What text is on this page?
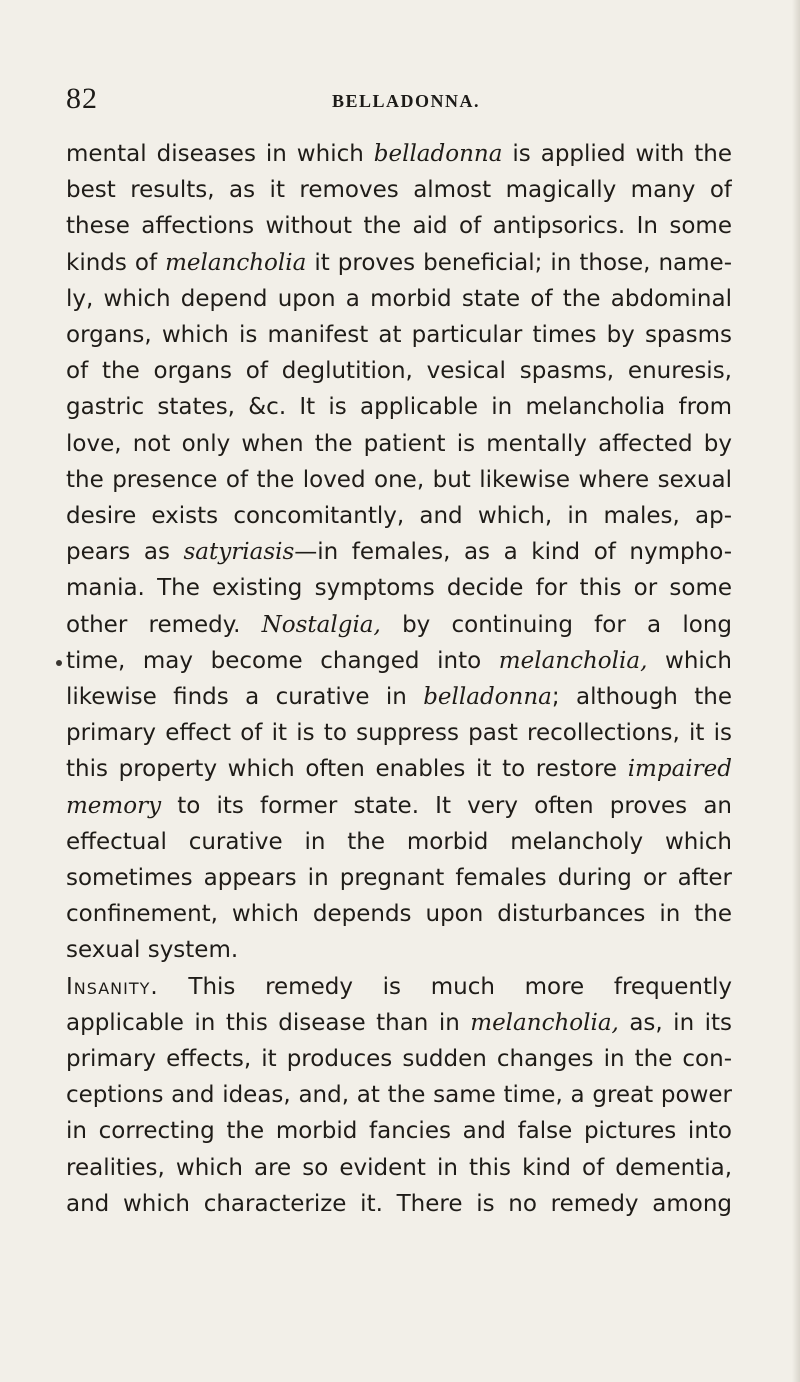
82	BELLADONNA.
mental diseases in which belladonna is applied with the
best results, as it removes almost magically many of
these affections without the aid of antipsorics. In some
kinds of melancholia it proves beneficial; in those, name-
ly, which depend upon a morbid state of the abdominal
organs, which is manifest at particular times by spasms
of the organs of deglutition, vesical spasms, enuresis,
gastric states, &c. It is applicable in melancholia from
love, not only when the patient is mentally affected by
the presence of the loved one, but likewise where sexual
desire exists concomitantly, and which, in males, ap-
pears as satyriasis—in females, as a kind of nympho-
mania. The existing symptoms decide for this or some
other remedy. Nostalgia, by continuing for a long
time, may become changed into melancholia, which
likewise finds a curative in belladonna; although the
primary effect of it is to suppress past recollections, it is
this property which often enables it to restore impaired
memory to its former state. It very often proves an
effectual curative in the morbid melancholy which
sometimes appears in pregnant females during or after
confinement, which depends upon disturbances in the
sexual system.
Insanity. This remedy is much more frequently
applicable in this disease than in melancholia, as, in its
primary effects, it produces sudden changes in the con-
ceptions and ideas, and, at the same time, a great power
in correcting the morbid fancies and false pictures into
realities, which are so evident in this kind of dementia,
and which characterize it. There is no remedy among
